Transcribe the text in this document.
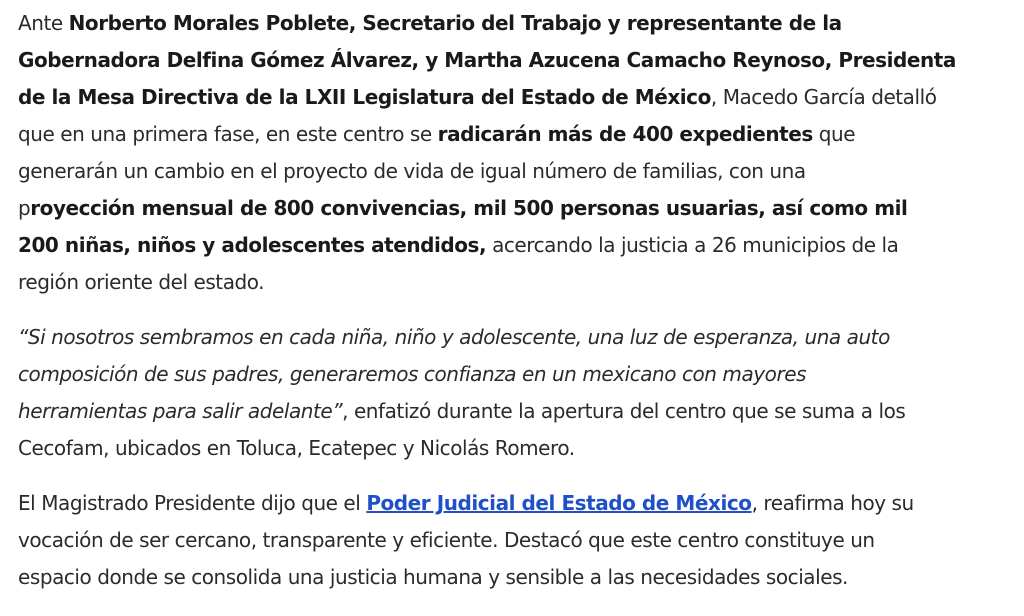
Ante Norberto Morales Poblete, Secretario del Trabajo y representante de la
Gobernadora Delfina Gómez Álvarez, y Martha Azucena Camacho Reynoso, Presidenta
de la Mesa Directiva de la LXII Legislatura del Estado de México, Macedo García detalló
que en una primera fase, en este centro se radicarán más de 400 expedientes que
generarán un cambio en el proyecto de vida de igual número de familias, con una
proyección mensual de 800 convivencias, mil 500 personas usuarias, así como mil
200 niñas, niños y adolescentes atendidos, acercando la justicia a 26 municipios de la
región oriente del estado.
“Si nosotros sembramos en cada niña, niño y adolescente, una luz de esperanza, una auto
composición de sus padres, generaremos confianza en un mexicano con mayores
herramientas para salir adelante”, enfatizó durante la apertura del centro que se suma a los
Cecofam, ubicados en Toluca, Ecatepec y Nicolás Romero.
El Magistrado Presidente dijo que el Poder Judicial del Estado de México, reafirma hoy su
vocación de ser cercano, transparente y eficiente. Destacó que este centro constituye un
espacio donde se consolida una justicia humana y sensible a las necesidades sociales.
